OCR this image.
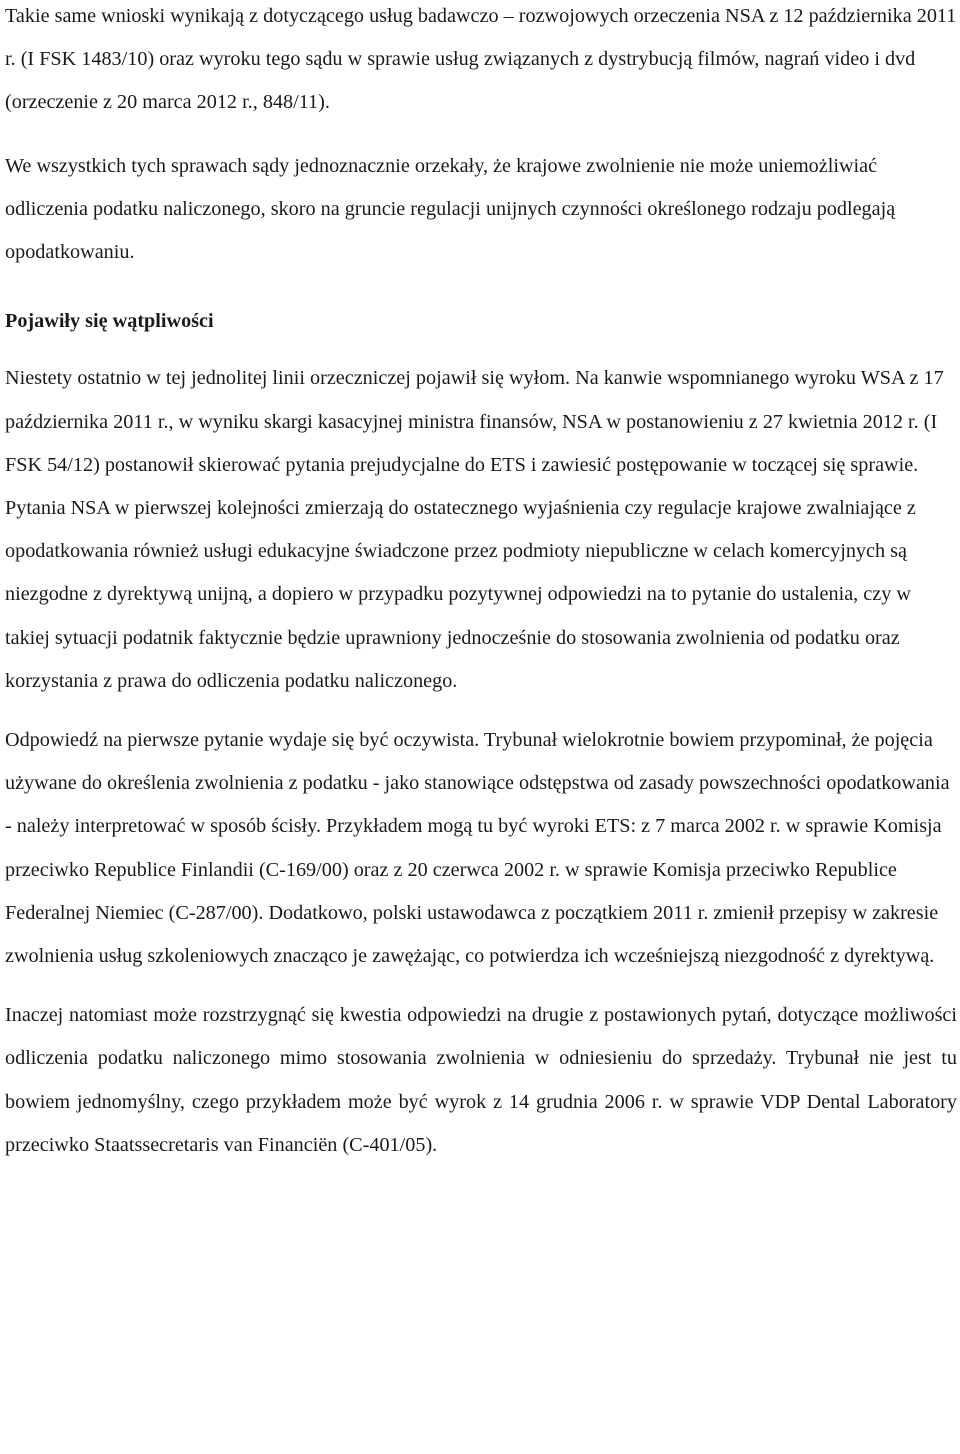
Takie same wnioski wynikają z dotyczącego usług badawczo – rozwojowych orzeczenia NSA z 12 października 2011 r. (I FSK 1483/10) oraz wyroku tego sądu w sprawie usług związanych z dystrybucją filmów, nagrań video i dvd (orzeczenie z 20 marca 2012 r., 848/11).

We wszystkich tych sprawach sądy jednoznacznie orzekały, że krajowe zwolnienie nie może uniemożliwiać odliczenia podatku naliczonego, skoro na gruncie regulacji unijnych czynności określonego rodzaju podlegają opodatkowaniu.

Pojawiły się wątpliwości

Niestety ostatnio w tej jednolitej linii orzeczniczej pojawił się wyłom. Na kanwie wspomnianego wyroku WSA z 17 października 2011 r., w wyniku skargi kasacyjnej ministra finansów, NSA w postanowieniu z 27 kwietnia 2012 r. (I FSK 54/12) postanowił skierować pytania prejudycjalne do ETS i zawiesić postępowanie w toczącej się sprawie. Pytania NSA w pierwszej kolejności zmierzają do ostatecznego wyjaśnienia czy regulacje krajowe zwalniające z opodatkowania również usługi edukacyjne świadczone przez podmioty niepubliczne w celach komercyjnych są niezgodne z dyrektywą unijną, a dopiero w przypadku pozytywnej odpowiedzi na to pytanie do ustalenia, czy w takiej sytuacji podatnik faktycznie będzie uprawniony jednocześnie do stosowania zwolnienia od podatku oraz korzystania z prawa do odliczenia podatku naliczonego.

Odpowiedź na pierwsze pytanie wydaje się być oczywista. Trybunał wielokrotnie bowiem przypominał, że pojęcia używane do określenia zwolnienia z podatku - jako stanowiące odstępstwa od zasady powszechności opodatkowania - należy interpretować w sposób ścisły. Przykładem mogą tu być wyroki ETS: z 7 marca 2002 r. w sprawie Komisja przeciwko Republice Finlandii (C-169/00) oraz z 20 czerwca 2002 r. w sprawie Komisja przeciwko Republice Federalnej Niemiec (C-287/00). Dodatkowo, polski ustawodawca z początkiem 2011 r. zmienił przepisy w zakresie zwolnienia usług szkoleniowych znacząco je zawężając, co potwierdza ich wcześniejszą niezgodność z dyrektywą.

Inaczej natomiast może rozstrzygnąć się kwestia odpowiedzi na drugie z postawionych pytań, dotyczące możliwości odliczenia podatku naliczonego mimo stosowania zwolnienia w odniesieniu do sprzedaży. Trybunał nie jest tu bowiem jednomyślny, czego przykładem może być wyrok z 14 grudnia 2006 r. w sprawie VDP Dental Laboratory przeciwko Staatssecretaris van Financiën (C-401/05).
